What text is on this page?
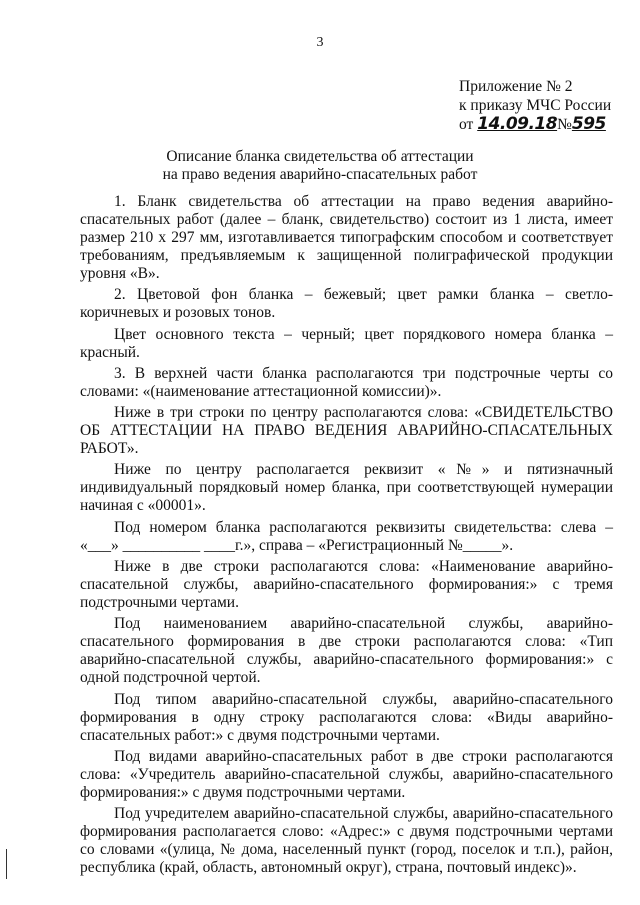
3
Приложение № 2
к приказу МЧС России
от 14.09.18№595
Описание бланка свидетельства об аттестации
на право ведения аварийно-спасательных работ

1. Бланк свидетельства об аттестации на право ведения аварийно-спасательных работ (далее – бланк, свидетельство) состоит из 1 листа, имеет размер 210 х 297 мм, изготавливается типографским способом и соответствует требованиям, предъявляемым к защищенной полиграфической продукции уровня «В».

2. Цветовой фон бланка – бежевый; цвет рамки бланка – светло-коричневых и розовых тонов.

Цвет основного текста – черный; цвет порядкового номера бланка – красный.

3. В верхней части бланка располагаются три подстрочные черты со словами: «(наименование аттестационной комиссии)».

Ниже в три строки по центру располагаются слова: «СВИДЕТЕЛЬСТВО ОБ АТТЕСТАЦИИ НА ПРАВО ВЕДЕНИЯ АВАРИЙНО-СПАСАТЕЛЬНЫХ РАБОТ».

Ниже по центру располагается реквизит «№» и пятизначный индивидуальный порядковый номер бланка, при соответствующей нумерации начиная с «00001».

Под номером бланка располагаются реквизиты свидетельства: слева – «___» __________ ____г.», справа – «Регистрационный №_____».

Ниже в две строки располагаются слова: «Наименование аварийно-спасательной службы, аварийно-спасательного формирования:» с тремя подстрочными чертами.

Под наименованием аварийно-спасательной службы, аварийно-спасательного формирования в две строки располагаются слова: «Тип аварийно-спасательной службы, аварийно-спасательного формирования:» с одной подстрочной чертой.

Под типом аварийно-спасательной службы, аварийно-спасательного формирования в одну строку располагаются слова: «Виды аварийно-спасательных работ:» с двумя подстрочными чертами.

Под видами аварийно-спасательных работ в две строки располагаются слова: «Учредитель аварийно-спасательной службы, аварийно-спасательного формирования:» с двумя подстрочными чертами.

Под учредителем аварийно-спасательной службы, аварийно-спасательного формирования располагается слово: «Адрес:» с двумя подстрочными чертами со словами «(улица, № дома, населенный пункт (город, поселок и т.п.), район, республика (край, область, автономный округ), страна, почтовый индекс)».
